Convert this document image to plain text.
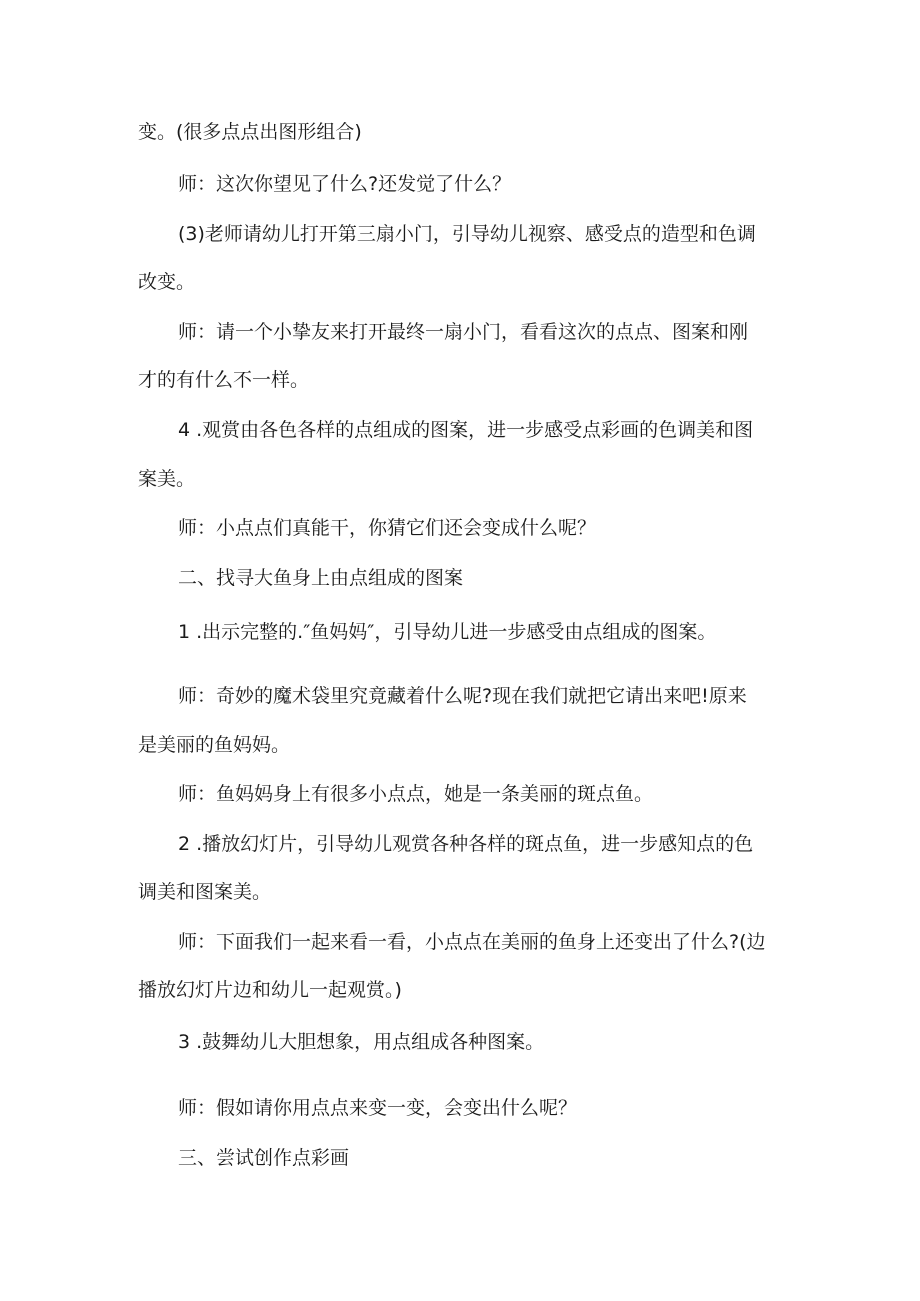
变。(很多点点出图形组合)
师：这次你望见了什么?还发觉了什么？
(3)老师请幼儿打开第三扇小门，引导幼儿视察、感受点的造型和色调
改变。
师：请一个小挚友来打开最终一扇小门，看看这次的点点、图案和刚
才的有什么不一样。
4 .观赏由各色各样的点组成的图案，进一步感受点彩画的色调美和图
案美。
师：小点点们真能干，你猜它们还会变成什么呢？
二、找寻大鱼身上由点组成的图案
1 .出示完整的.″鱼妈妈″，引导幼儿进一步感受由点组成的图案。
师：奇妙的魔术袋里究竟藏着什么呢?现在我们就把它请出来吧!原来
是美丽的鱼妈妈。
师：鱼妈妈身上有很多小点点，她是一条美丽的斑点鱼。
2 .播放幻灯片，引导幼儿观赏各种各样的斑点鱼，进一步感知点的色
调美和图案美。
师：下面我们一起来看一看，小点点在美丽的鱼身上还变出了什么?(边
播放幻灯片边和幼儿一起观赏。)
3 .鼓舞幼儿大胆想象，用点组成各种图案。
师：假如请你用点点来变一变，会变出什么呢？
三、尝试创作点彩画
